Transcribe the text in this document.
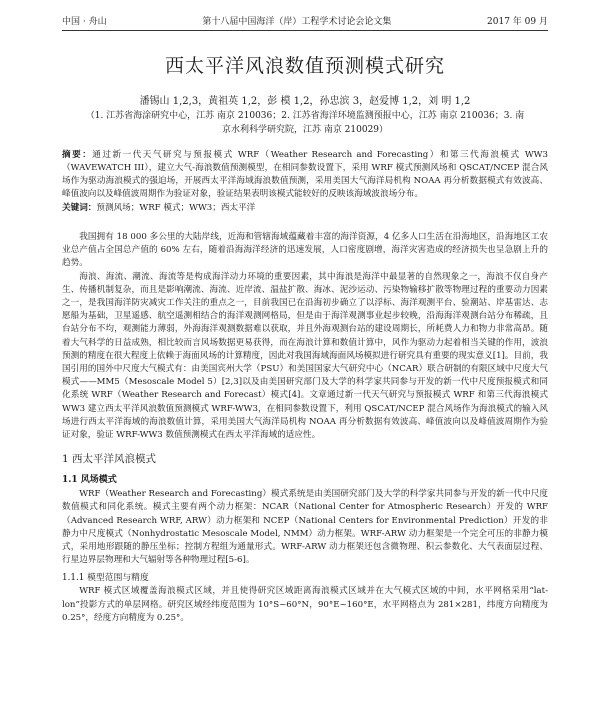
中国 · 舟山	第十八届中国海洋（岸）工程学术讨论会论文集	2017 年 09 月
西太平洋风浪数值预测模式研究
潘锡山 1,2,3，黄祖英 1,2，彭 模 1,2，孙忠滨 3，赵爱博 1,2，刘 明 1,2
（1. 江苏省海涂研究中心，江苏 南京 210036；2. 江苏省海洋环境监测预报中心，江苏 南京 210036；3. 南
京水利科学研究院，江苏 南京 210029）
摘要：通过新一代天气研究与预报模式 WRF（Weather Research and Forecasting）和第三代海浪模式 WW3（WAVEWATCH III），建立大气-海浪数值预测模型，在相同参数设置下，采用 WRF 模式预测风场和 QSCAT/NCEP 混合风场作为驱动海浪模式的强迫场，开展西太平洋海域海浪数值预测，采用美国大气海洋局机构 NOAA 再分析数据模式有效波高、峰值波向以及峰值波周期作为验证对象，验证结果表明该模式能较好的反映该海域波浪场分布。
关键词：预测风场；WRF 模式；WW3；西太平洋

我国拥有 18 000 多公里的大陆岸线，近海和管辖海域蕴藏着丰富的海洋资源，4 亿多人口生活在沿海地区，沿海地区工农业总产值占全国总产值的 60% 左右，随着沿海海洋经济的迅速发展，人口密度剧增，海洋灾害造成的经济损失也呈急剧上升的趋势。

海浪、海流、潮流、海流等是构成海洋动力环境的重要因素，其中海浪是海洋中最显著的自然现象之一，海浪不仅自身产生、传播机制复杂，而且是影响潮流、海流、近岸流、温盐扩散、海冰、泥沙运动、污染物输移扩散等物理过程的重要动力因素之一，是我国海洋防灾减灾工作关注的重点之一，目前我国已在沿海初步确立了以浮标、海洋观测平台、验潮站、岸基雷达、志愿船为基础，卫星遥感、航空遥测相结合的海洋观测网格局，但是由于海洋观测事业起步较晚，沿海海洋观测台站分布稀疏，且台站分布不均，观测能力薄弱，外海海洋观测数据难以获取，并且外海观测台站的建设周期长，所耗费人力和物力非常高昂。随着大气科学的日益成熟，相比较而言风场数据更易获得，而在海浪计算和数值计算中，风作为驱动力起着相当关键的作用，波浪预测的精度在很大程度上依赖于海面风场的计算精度，因此对我国海域海面风场模拟进行研究具有重要的现实意义[1]。目前，我国引用的国外中尺度大气模式有：由美国宾州大学（PSU）和美国国家大气研究中心（NCAR）联合研制的有限区域中尺度大气模式——MM5（Mesoscale Model 5）[2,3]以及由美国研究部门及大学的科学家共同参与开发的新一代中尺度预报模式和同化系统 WRF（Weather Research and Forecast）模式[4]。文章通过新一代天气研究与预报模式 WRF 和第三代海浪模式 WW3 建立西太平洋风浪数值预测模式 WRF-WW3，在相同参数设置下，利用 QSCAT/NCEP 混合风场作为海浪模式的输入风场进行西太平洋海域的海浪数值计算，采用美国大气海洋局机构 NOAA 再分析数据有效波高、峰值波向以及峰值波周期作为验证对象，验证 WRF-WW3 数值预测模式在西太平洋海域的适应性。

1 西太平洋风浪模式
1.1 风场模式

WRF（Weather Research and Forecasting）模式系统是由美国研究部门及大学的科学家共同参与开发的新一代中尺度数值模式和同化系统。模式主要有两个动力框架：NCAR（National Center for Atmospheric Research）开发的 WRF（Advanced Research WRF, ARW）动力框架和 NCEP（National Centers for Environmental Prediction）开发的非静力中尺度模式（Nonhydrostatic Mesoscale Model, NMM）动力框架。WRF-ARW 动力框架是一个完全可压的非静力模式，采用地形跟随的静压坐标；控制方程组为通量形式。WRF-ARW 动力框架还包含微物理、积云参数化、大气表面层过程、行星边界层物理和大气辐射等各种物理过程[5-6]。

1.1.1 模型范围与精度

WRF 模式区域覆盖海浪模式区域，并且使得研究区域距离海浪模式区域并在大气模式区域的中间，水平网格采用“lat-lon”投影方式的单层网格。研究区域经纬度范围为 10°S~60°N，90°E~160°E，水平网格点为 281×281，纬度方向精度为 0.25°，经度方向精度为 0.25°。
